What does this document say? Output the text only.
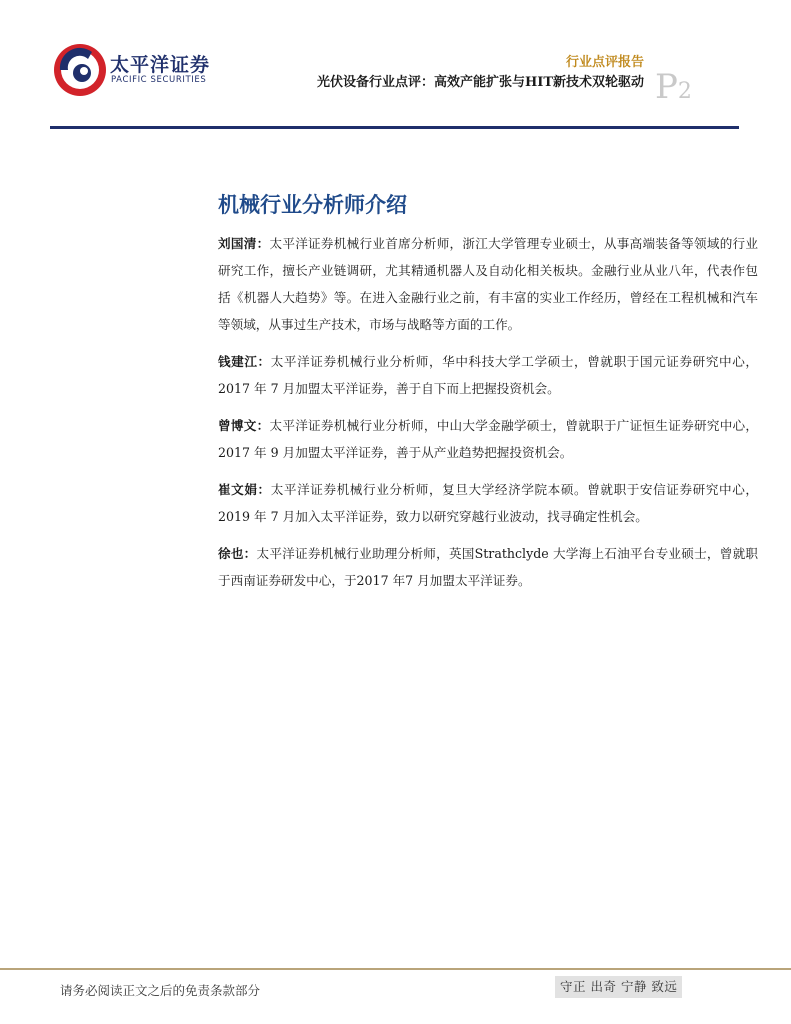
太平洋证券
PACIFIC SECURITIES
行业点评报告
光伏设备行业点评：高效产能扩张与HIT新技术双轮驱动 P2
机械行业分析师介绍

刘国清：太平洋证券机械行业首席分析师，浙江大学管理专业硕士，从事高端装备等领域的行业研究工作，擅长产业链调研，尤其精通机器人及自动化相关板块。金融行业从业八年，代表作包括《机器人大趋势》等。在进入金融行业之前，有丰富的实业工作经历，曾经在工程机械和汽车等领域，从事过生产技术，市场与战略等方面的工作。

钱建江：太平洋证券机械行业分析师，华中科技大学工学硕士，曾就职于国元证券研究中心，2017 年 7 月加盟太平洋证券，善于自下而上把握投资机会。

曾博文：太平洋证券机械行业分析师，中山大学金融学硕士，曾就职于广证恒生证券研究中心，2017 年 9 月加盟太平洋证券，善于从产业趋势把握投资机会。

崔文娟：太平洋证券机械行业分析师，复旦大学经济学院本硕。曾就职于安信证券研究中心，2019 年 7 月加入太平洋证券，致力以研究穿越行业波动，找寻确定性机会。

徐也：太平洋证券机械行业助理分析师，英国Strathclyde 大学海上石油平台专业硕士，曾就职于西南证券研发中心，于2017 年7 月加盟太平洋证券。

请务必阅读正文之后的免责条款部分	守正 出奇 宁静 致远
